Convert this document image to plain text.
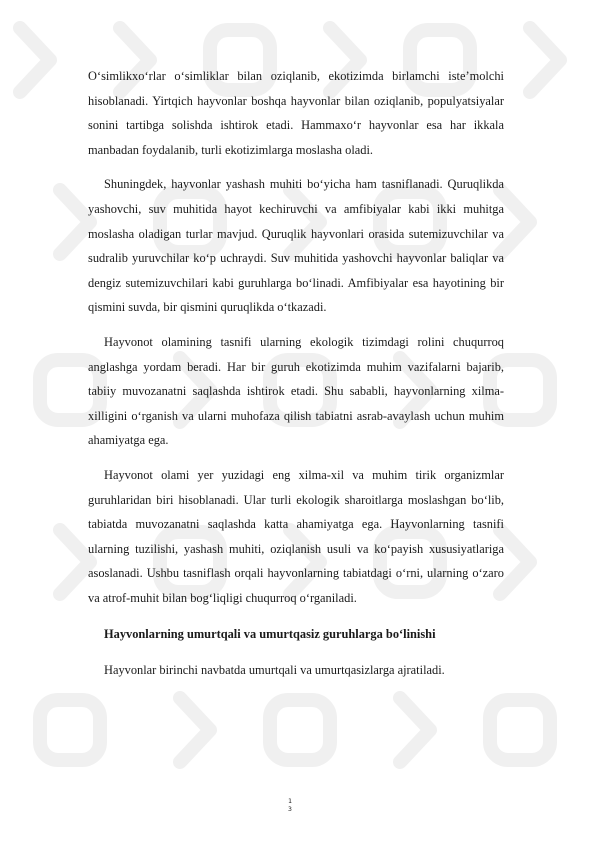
O‘simlikxo‘rlar o‘simliklar bilan oziqlanib, ekotizimda birlamchi iste’molchi hisoblanadi. Yirtqich hayvonlar boshqa hayvonlar bilan oziqlanib, populyatsiyalar sonini tartibga solishda ishtirok etadi. Hammaxo‘r hayvonlar esa har ikkala manbadan foydalanib, turli ekotizimlarga moslasha oladi.

Shuningdek, hayvonlar yashash muhiti bo‘yicha ham tasniflanadi. Quruqlikda yashovchi, suv muhitida hayot kechiruvchi va amfibiyalar kabi ikki muhitga moslasha oladigan turlar mavjud. Quruqlik hayvonlari orasida sutemizuvchilar va sudralib yuruvchilar ko‘p uchraydi. Suv muhitida yashovchi hayvonlar baliqlar va dengiz sutemizuvchilari kabi guruhlarga bo‘linadi. Amfibiyalar esa hayotining bir qismini suvda, bir qismini quruqlikda o‘tkazadi.

Hayvonot olamining tasnifi ularning ekologik tizimdagi rolini chuqurroq anglashga yordam beradi. Har bir guruh ekotizimda muhim vazifalarni bajarib, tabiiy muvozanatni saqlashda ishtirok etadi. Shu sababli, hayvonlarning xilma-xilligini o‘rganish va ularni muhofaza qilish tabiatni asrab-avaylash uchun muhim ahamiyatga ega.

Hayvonot olami yer yuzidagi eng xilma-xil va muhim tirik organizmlar guruhlaridan biri hisoblanadi. Ular turli ekologik sharoitlarga moslashgan bo‘lib, tabiatda muvozanatni saqlashda katta ahamiyatga ega. Hayvonlarning tasnifi ularning tuzilishi, yashash muhiti, oziqlanish usuli va ko‘payish xususiyatlariga asoslanadi. Ushbu tasniflash orqali hayvonlarning tabiatdagi o‘rni, ularning o‘zaro va atrof-muhit bilan bog‘liqligi chuqurroq o‘rganiladi.

Hayvonlarning umurtqali va umurtqasiz guruhlarga bo‘linishi

Hayvonlar birinchi navbatda umurtqali va umurtqasizlarga ajratiladi.

1
3
